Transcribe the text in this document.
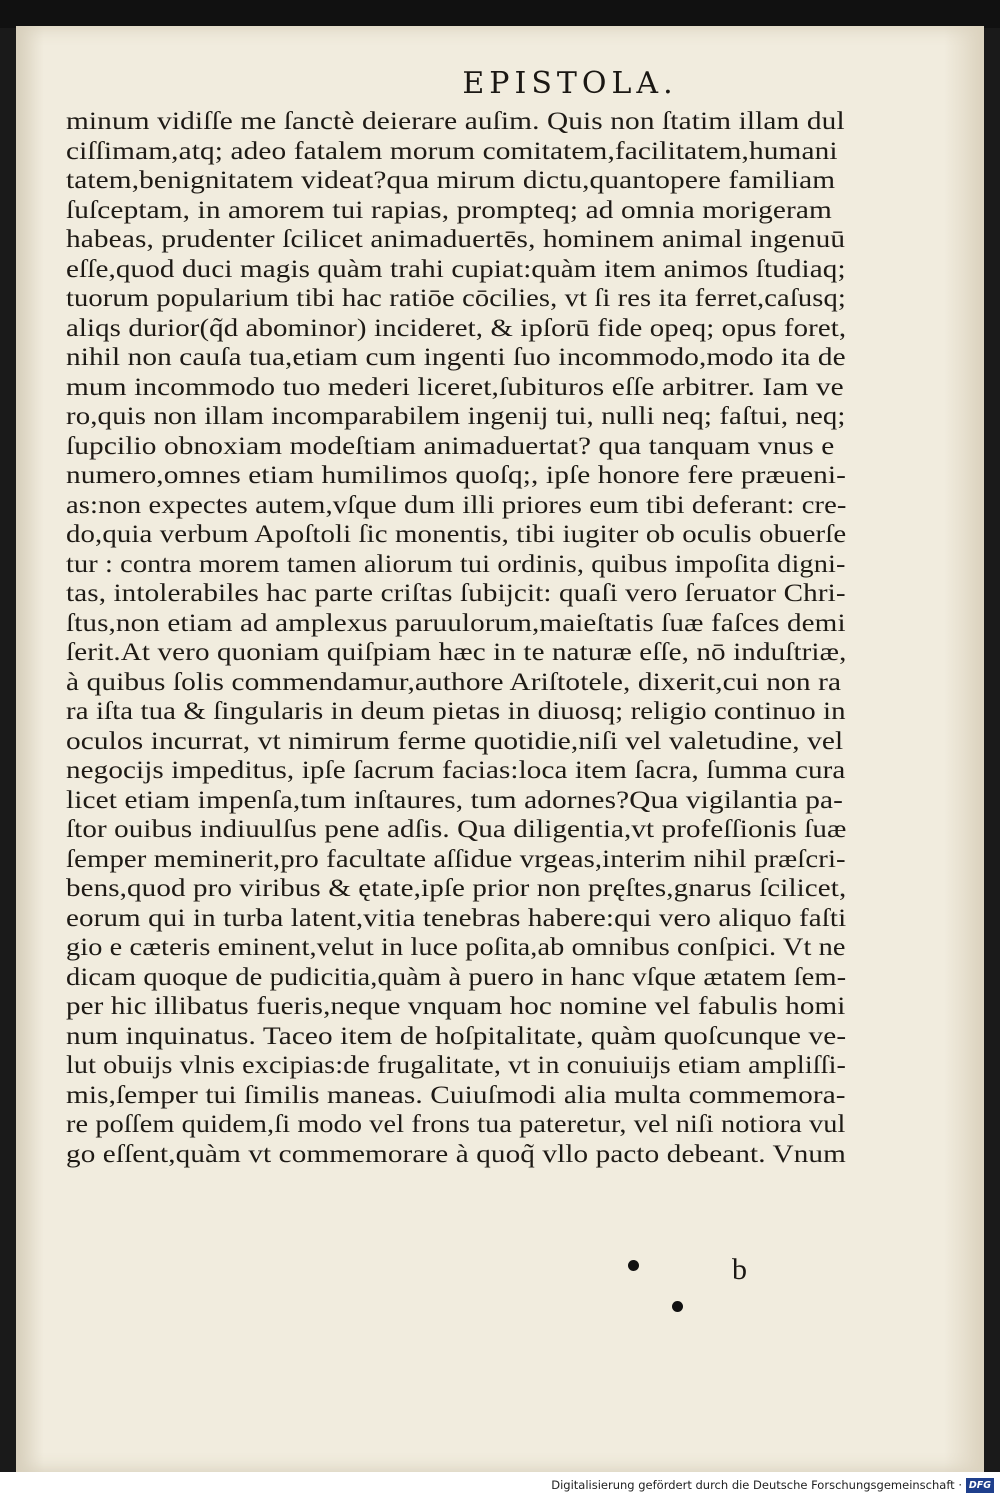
EPISTOLA.
minum vidiſſe me ſanctè deierare auſim. Quis non ſtatim illam dul
ciſſimam,atq; adeo fatalem morum comitatem,facilitatem,humani
tatem,benignitatem videat?qua mirum dictu,quantopere familiam
ſuſceptam, in amorem tui rapias, prompteq; ad omnia morigeram
habeas, prudenter ſcilicet animaduertēs, hominem animal ingenuū
eſſe,quod duci magis quàm trahi cupiat:quàm item animos ſtudiaq;
tuorum popularium tibi hac ratiōe cōcilies, vt ſi res ita ferret,caſusq;
aliqs durior(q̃d abominor) incideret, & ipſorū fide opeq; opus foret,
nihil non cauſa tua,etiam cum ingenti ſuo incommodo,modo ita de
mum incommodo tuo mederi liceret,ſubituros eſſe arbitrer. Iam ve
ro,quis non illam incomparabilem ingenij tui, nulli neq; faſtui, neq;
ſupcilio obnoxiam modeſtiam animaduertat? qua tanquam vnus e
numero,omnes etiam humilimos quoſq;, ipſe honore fere præueni-
as:non expectes autem,vſque dum illi priores eum tibi deferant: cre-
do,quia verbum Apoſtoli ſic monentis, tibi iugiter ob oculis obuerſe
tur : contra morem tamen aliorum tui ordinis, quibus impoſita digni-
tas, intolerabiles hac parte criſtas ſubijcit: quaſi vero ſeruator Chri-
ſtus,non etiam ad amplexus paruulorum,maieſtatis ſuæ faſces demi
ſerit.At vero quoniam quiſpiam hæc in te naturæ eſſe, nō induſtriæ,
à quibus ſolis commendamur,authore Ariſtotele, dixerit,cui non ra
ra iſta tua & ſingularis in deum pietas in diuosq; religio continuo in
oculos incurrat, vt nimirum ferme quotidie,niſi vel valetudine, vel
negocijs impeditus, ipſe ſacrum facias:loca item ſacra, ſumma cura
licet etiam impenſa,tum inſtaures, tum adornes?Qua vigilantia pa-
ſtor ouibus indiuulſus pene adſis. Qua diligentia,vt profeſſionis ſuæ
ſemper meminerit,pro facultate aſſidue vrgeas,interim nihil præſcri-
bens,quod pro viribus & ętate,ipſe prior non pręſtes,gnarus ſcilicet,
eorum qui in turba latent,vitia tenebras habere:qui vero aliquo faſti
gio e cæteris eminent,velut in luce poſita,ab omnibus conſpici. Vt ne
dicam quoque de pudicitia,quàm à puero in hanc vſque ætatem ſem-
per hic illibatus fueris,neque vnquam hoc nomine vel fabulis homi
num inquinatus. Taceo item de hoſpitalitate, quàm quoſcunque ve-
lut obuijs vlnis excipias:de frugalitate, vt in conuiuijs etiam ampliſſi-
mis,ſemper tui ſimilis maneas. Cuiuſmodi alia multa commemora-
re poſſem quidem,ſi modo vel frons tua pateretur, vel niſi notiora vul
go eſſent,quàm vt commemorare à quoq̃ vllo pacto debeant. Vnum
b
Digitalisierung gefördert durch die Deutsche Forschungsgemeinschaft · DFG
